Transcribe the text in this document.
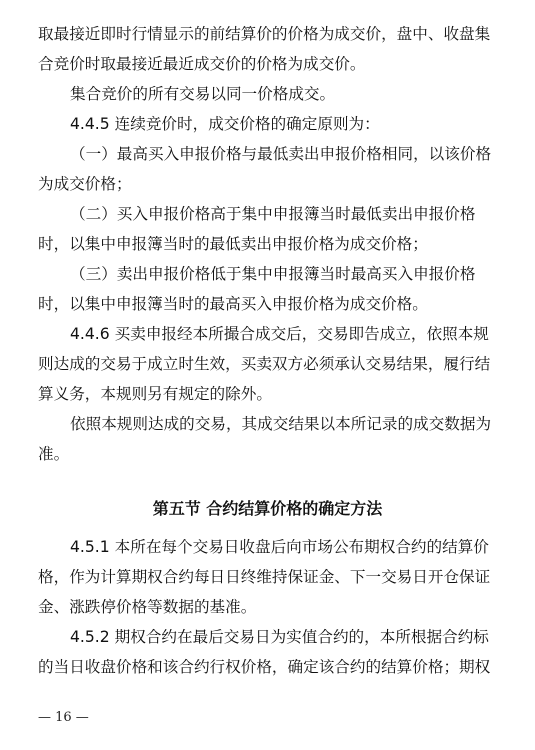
取最接近即时行情显示的前结算价的价格为成交价，盘中、收盘集
合竞价时取最接近最近成交价的价格为成交价。
集合竞价的所有交易以同一价格成交。
4.4.5 连续竞价时，成交价格的确定原则为：
（一）最高买入申报价格与最低卖出申报价格相同，以该价格
为成交价格；
（二）买入申报价格高于集中申报簿当时最低卖出申报价格
时，以集中申报簿当时的最低卖出申报价格为成交价格；
（三）卖出申报价格低于集中申报簿当时最高买入申报价格
时，以集中申报簿当时的最高买入申报价格为成交价格。
4.4.6 买卖申报经本所撮合成交后，交易即告成立，依照本规
则达成的交易于成立时生效，买卖双方必须承认交易结果，履行结
算义务，本规则另有规定的除外。
依照本规则达成的交易，其成交结果以本所记录的成交数据为
准。
第五节 合约结算价格的确定方法
4.5.1 本所在每个交易日收盘后向市场公布期权合约的结算价
格，作为计算期权合约每日日终维持保证金、下一交易日开仓保证
金、涨跌停价格等数据的基准。
4.5.2 期权合约在最后交易日为实值合约的，本所根据合约标
的当日收盘价格和该合约行权价格，确定该合约的结算价格；期权
— 16 —
